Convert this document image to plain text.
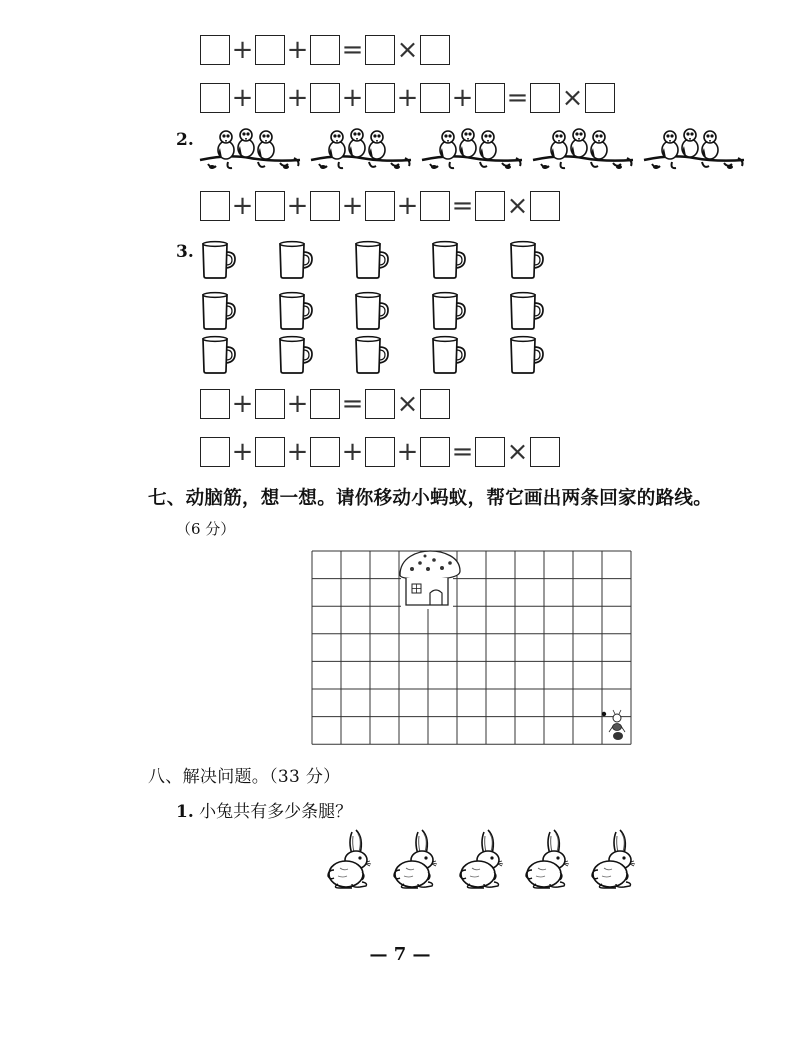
+ + = ×
+ + + + + = ×
2.
+ + + + = ×
3.
+ + = ×
+ + + + = ×
七、动脑筋，想一想。请你移动小蚂蚁，帮它画出两条回家的路线。
（6 分）
八、解决问题。（33 分）
1. 小兔共有多少条腿？
— 7 —
